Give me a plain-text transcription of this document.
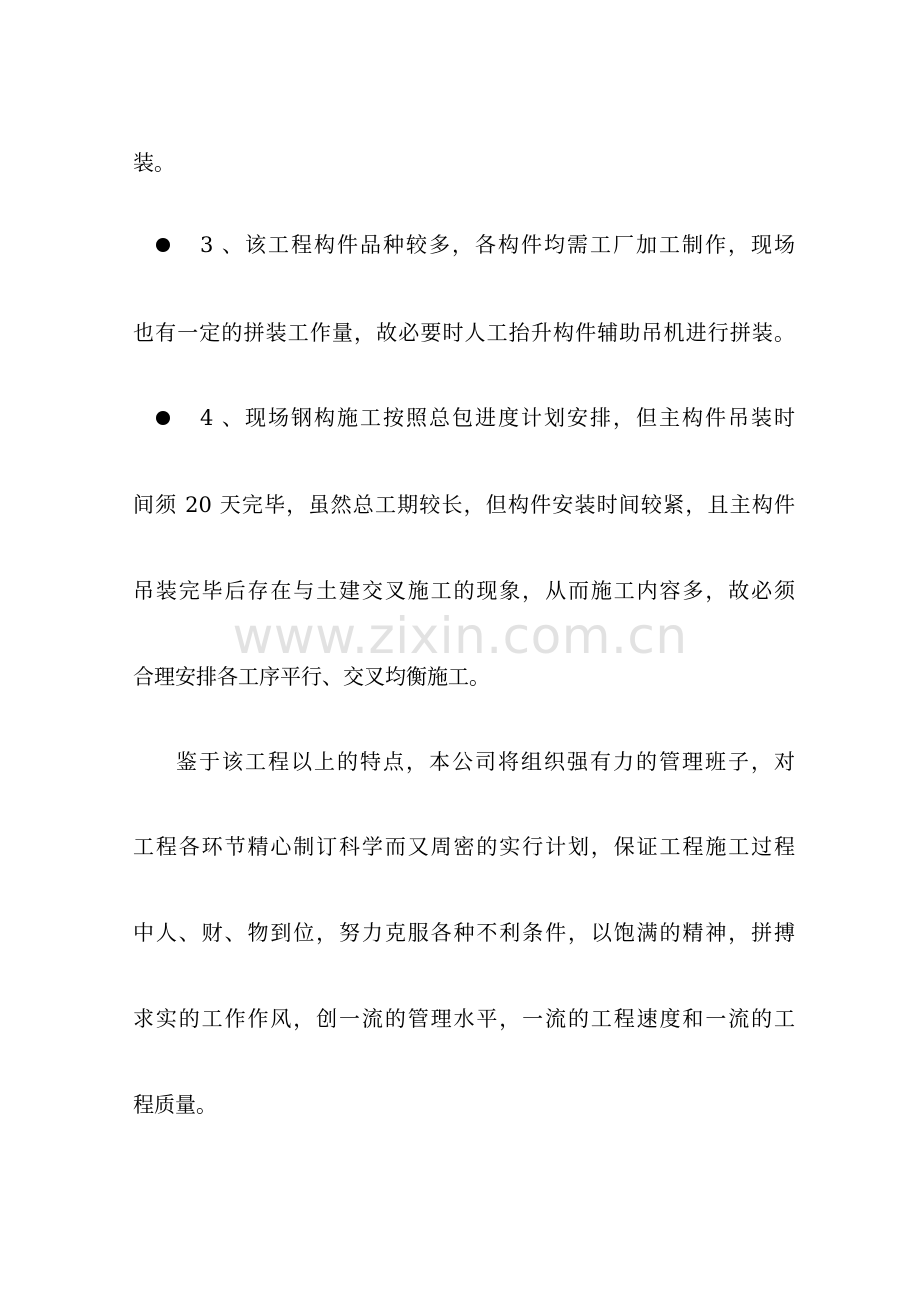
装。
3 、该工程构件品种较多，各构件均需工厂加工制作，现场
也有一定的拼装工作量，故必要时人工抬升构件辅助吊机进行拼装。
4 、现场钢构施工按照总包进度计划安排，但主构件吊装时
间须 20 天完毕，虽然总工期较长，但构件安装时间较紧，且主构件
吊装完毕后存在与土建交叉施工的现象，从而施工内容多，故必须
合理安排各工序平行、交叉均衡施工。
鉴于该工程以上的特点，本公司将组织强有力的管理班子，对
工程各环节精心制订科学而又周密的实行计划，保证工程施工过程
中人、财、物到位，努力克服各种不利条件，以饱满的精神，拼搏
求实的工作作风，创一流的管理水平，一流的工程速度和一流的工
程质量。
www.zixin.com.cn
